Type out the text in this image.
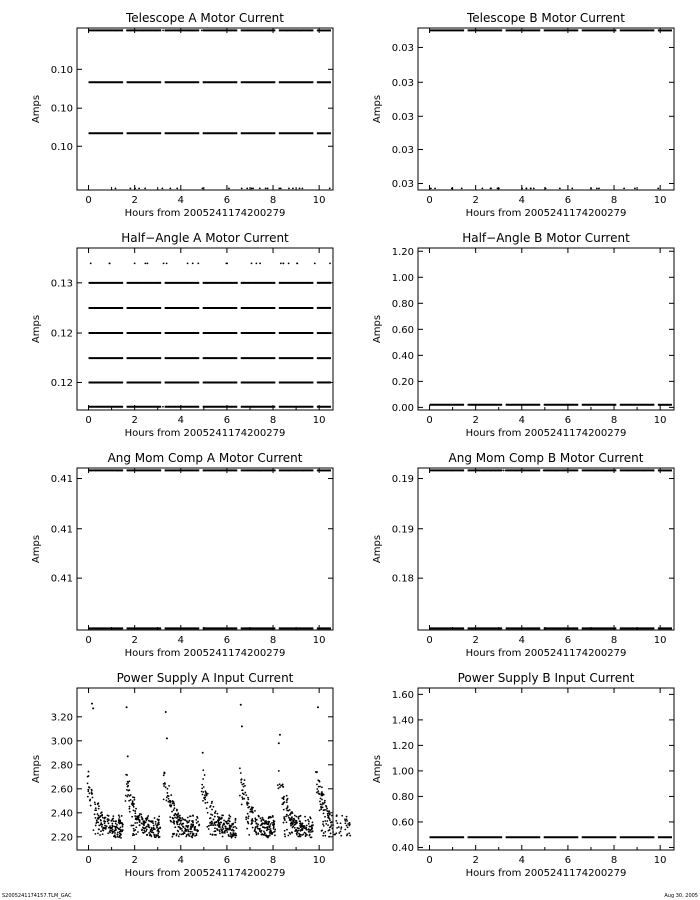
Telescope A Motor Current
0	2	4	6	8	10
0.10
0.10
0.10
Hours from 2005241174200279
Amps
Telescope B Motor Current
0	2	4	6	8	10
0.03
0.03
0.03
0.03
0.03
Hours from 2005241174200279
Amps
Half−Angle A Motor Current
0	2	4	6	8	10
0.12
0.12
0.13
Hours from 2005241174200279
Amps
Half−Angle B Motor Current
0	2	4	6	8	10
0.00
0.20
0.40
0.60
0.80
1.00
1.20
Hours from 2005241174200279
Amps
Ang Mom Comp A Motor Current
0	2	4	6	8	10
0.41
0.41
0.41
Hours from 2005241174200279
Amps
Ang Mom Comp B Motor Current
0	2	4	6	8	10
0.18
0.19
0.19
Hours from 2005241174200279
Amps
Power Supply A Input Current
0	2	4	6	8	10
2.20
2.40
2.60
2.80
3.00
3.20
Hours from 2005241174200279
Amps
Power Supply B Input Current
0	2	4	6	8	10
0.40
0.60
0.80
1.00
1.20
1.40
1.60
Hours from 2005241174200279
Amps
S2005241174157.TLM_GAC	Aug 30, 2005
